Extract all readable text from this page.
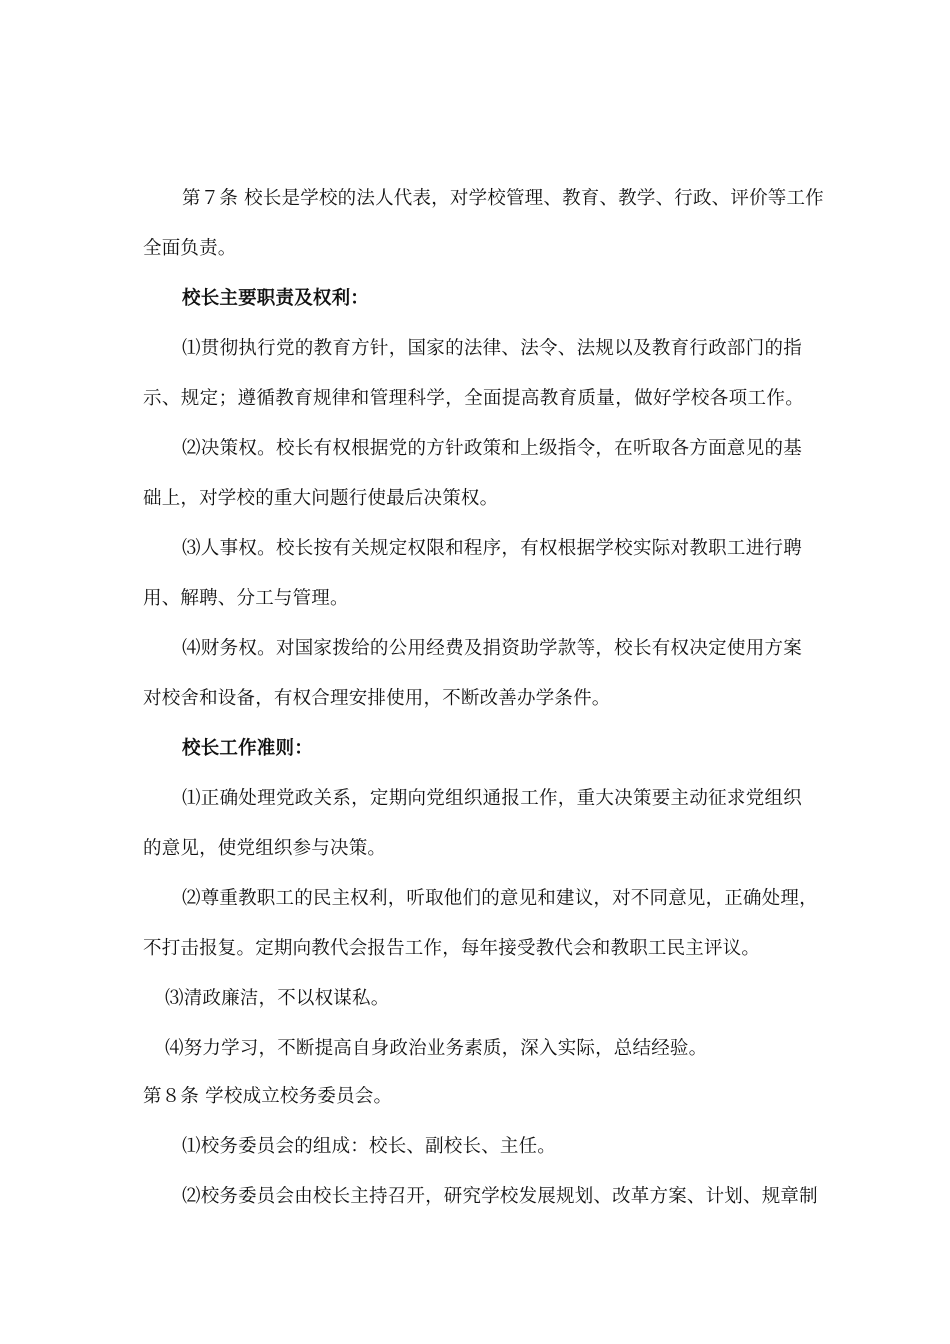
第７条 校长是学校的法人代表，对学校管理、教育、教学、行政、评价等工作
全面负责。
校长主要职责及权利：
⑴贯彻执行党的教育方针，国家的法律、法令、法规以及教育行政部门的指
示、规定；遵循教育规律和管理科学，全面提高教育质量，做好学校各项工作。
⑵决策权。校长有权根据党的方针政策和上级指令，在听取各方面意见的基
础上，对学校的重大问题行使最后决策权。
⑶人事权。校长按有关规定权限和程序，有权根据学校实际对教职工进行聘
用、解聘、分工与管理。
⑷财务权。对国家拨给的公用经费及捐资助学款等，校长有权决定使用方案
对校舍和设备，有权合理安排使用，不断改善办学条件。
校长工作准则：
⑴正确处理党政关系，定期向党组织通报工作，重大决策要主动征求党组织
的意见，使党组织参与决策。
⑵尊重教职工的民主权利，听取他们的意见和建议，对不同意见，正确处理，
不打击报复。定期向教代会报告工作，每年接受教代会和教职工民主评议。
⑶清政廉洁，不以权谋私。
⑷努力学习，不断提高自身政治业务素质，深入实际，总结经验。
第８条 学校成立校务委员会。
⑴校务委员会的组成：校长、副校长、主任。
⑵校务委员会由校长主持召开，研究学校发展规划、改革方案、计划、规章制
